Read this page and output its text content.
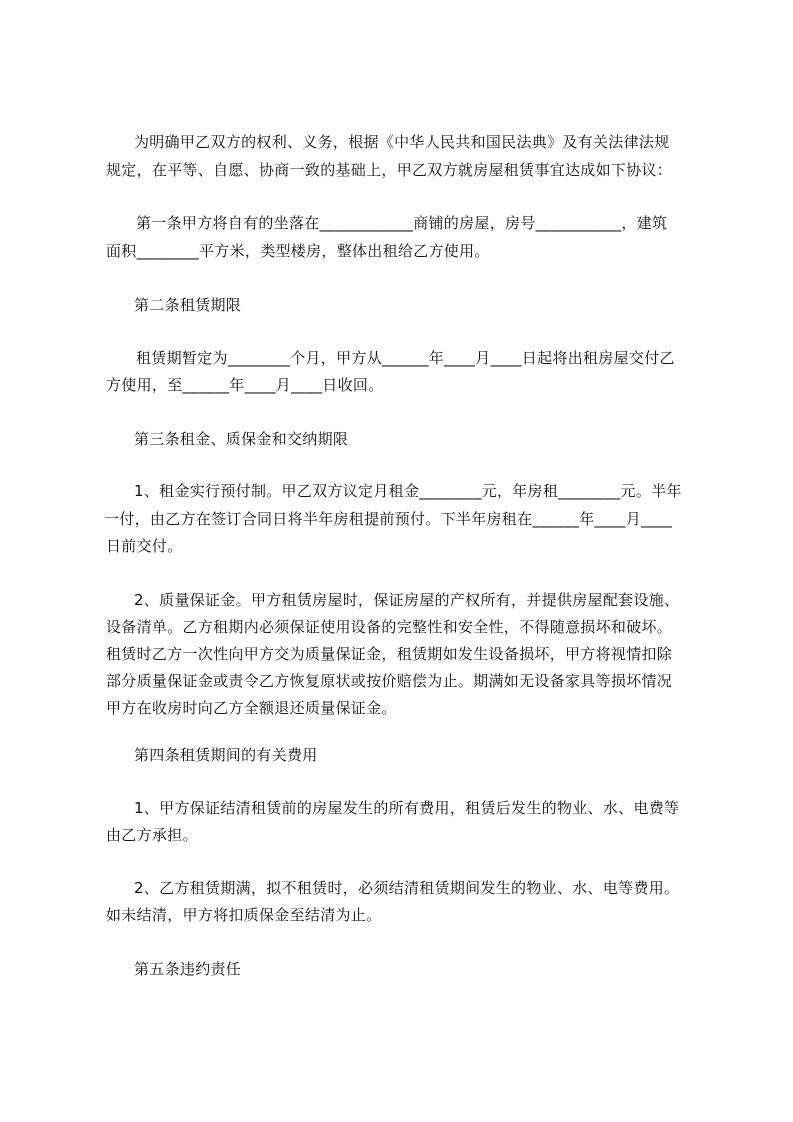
为明确甲乙双方的权利、义务，根据《中华人民共和国民法典》及有关法律法规
规定，在平等、自愿、协商一致的基础上，甲乙双方就房屋租赁事宜达成如下协议：
第一条甲方将自有的坐落在____________商铺的房屋，房号___________，建筑
面积________平方米，类型楼房，整体出租给乙方使用。
第二条租赁期限
租赁期暂定为________个月，甲方从______年____月____日起将出租房屋交付乙
方使用，至______年____月____日收回。
第三条租金、质保金和交纳期限
1、租金实行预付制。甲乙双方议定月租金________元，年房租________元。半年
一付，由乙方在签订合同日将半年房租提前预付。下半年房租在______年____月____
日前交付。
2、质量保证金。甲方租赁房屋时，保证房屋的产权所有，并提供房屋配套设施、
设备清单。乙方租期内必须保证使用设备的完整性和安全性，不得随意损坏和破坏。
租赁时乙方一次性向甲方交为质量保证金，租赁期如发生设备损坏，甲方将视情扣除
部分质量保证金或责令乙方恢复原状或按价赔偿为止。期满如无设备家具等损坏情况
甲方在收房时向乙方全额退还质量保证金。
第四条租赁期间的有关费用
1、甲方保证结清租赁前的房屋发生的所有费用，租赁后发生的物业、水、电费等
由乙方承担。
2、乙方租赁期满，拟不租赁时，必须结清租赁期间发生的物业、水、电等费用。
如未结清，甲方将扣质保金至结清为止。
第五条违约责任
